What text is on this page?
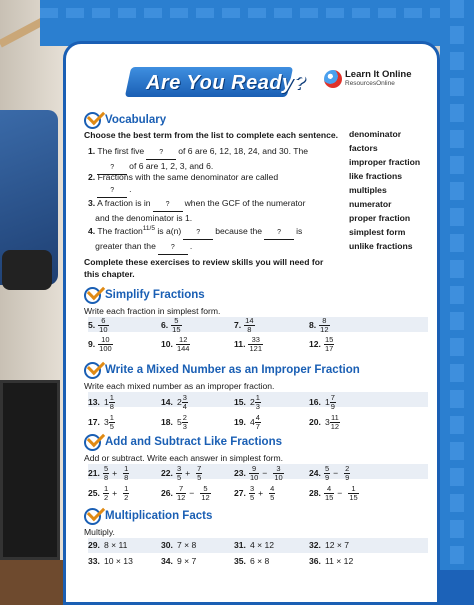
Are You Ready?	Learn It Online
ResourcesOnline
Vocabulary
Choose the best term from the list to complete each sentence.
1. The first five ? of 6 are 6, 12, 18, 24, and 30. The
? of 6 are 1, 2, 3, and 6.
2. Fractions with the same denominator are called
? .
3. A fraction is in ? when the GCF of the numerator
and the denominator is 1.
4. The fraction$^{11/5}$ is a(n) ? because the ? is
greater than the ? .
denominator
factors
improper fraction
like fractions
multiples
numerator
proper fraction
simplest form
unlike fractions
Complete these exercises to review skills you will need for this chapter.
Simplify Fractions
Write each fraction in simplest form.
5. $\frac{6}{10}$	6. $\frac{5}{15}$	7. $\frac{14}{8}$	8. $\frac{8}{12}$
9. $\frac{10}{100}$	10. $\frac{12}{144}$	11. $\frac{33}{121}$	12. $\frac{15}{17}$
Write a Mixed Number as an Improper Fraction
Write each mixed number as an improper fraction.
13. $1 \frac{1}{8}$	14. $2 \frac{3}{4}$	15. $2 \frac{1}{3}$	16. $1 \frac{7}{9}$
17. $3 \frac{1}{5}$	18. $5 \frac{2}{3}$	19. $4 \frac{4}{7}$	20. $3 \frac{11}{12}$
Add and Subtract Like Fractions
Add or subtract. Write each answer in simplest form.
21. $\frac{5}{8} + \frac{1}{8}$	22. $\frac{3}{5} + \frac{7}{5}$	23. $\frac{9}{10} - \frac{3}{10}$	24. $\frac{5}{9} - \frac{2}{9}$
25. $\frac{1}{2} + \frac{1}{2}$	26. $\frac{7}{12} - \frac{5}{12}$	27. $\frac{3}{5} + \frac{4}{5}$	28. $\frac{4}{15} - \frac{1}{15}$
Multiplication Facts
Multiply.
29. 8 × 11	30. 7 × 8	31. 4 × 12	32. 12 × 7
33. 10 × 13	34. 9 × 7	35. 6 × 8	36. 11 × 12
